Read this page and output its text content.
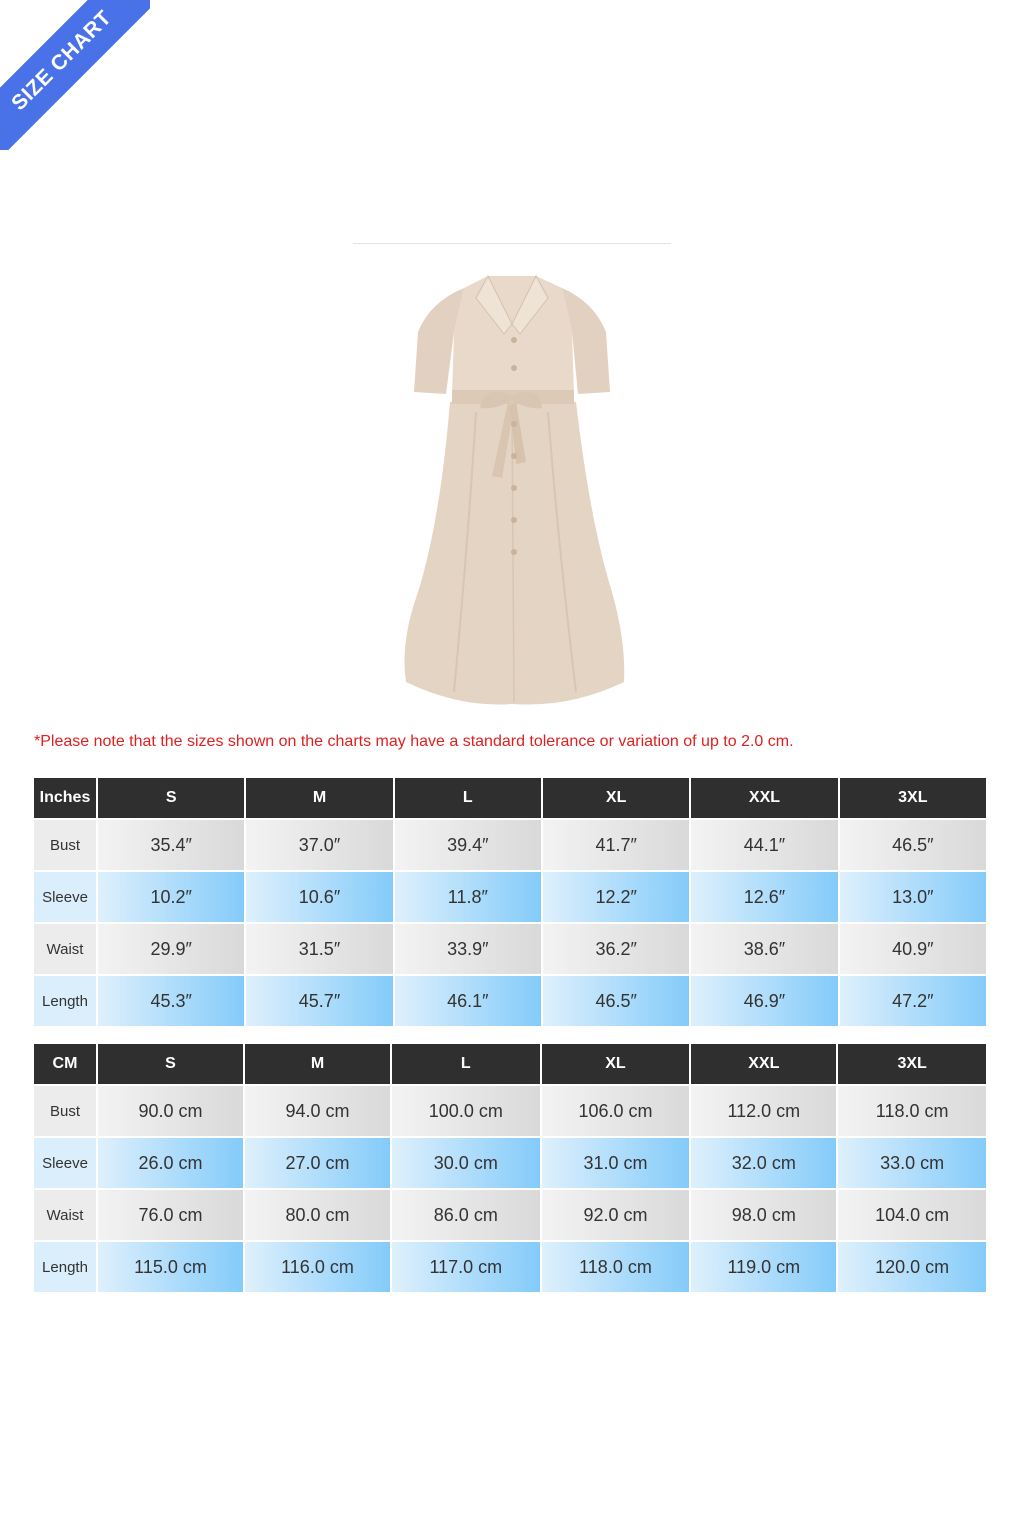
SIZE CHART
*Please note that the sizes shown on the charts may have a standard tolerance or variation of up to 2.0 cm.
Inches	S	M	L	XL	XXL	3XL
Bust	35.4″	37.0″	39.4″	41.7″	44.1″	46.5″
Sleeve	10.2″	10.6″	11.8″	12.2″	12.6″	13.0″
Waist	29.9″	31.5″	33.9″	36.2″	38.6″	40.9″
Length	45.3″	45.7″	46.1″	46.5″	46.9″	47.2″
CM	S	M	L	XL	XXL	3XL
Bust	90.0 cm	94.0 cm	100.0 cm	106.0 cm	112.0 cm	118.0 cm
Sleeve	26.0 cm	27.0 cm	30.0 cm	31.0 cm	32.0 cm	33.0 cm
Waist	76.0 cm	80.0 cm	86.0 cm	92.0 cm	98.0 cm	104.0 cm
Length	115.0 cm	116.0 cm	117.0 cm	118.0 cm	119.0 cm	120.0 cm
